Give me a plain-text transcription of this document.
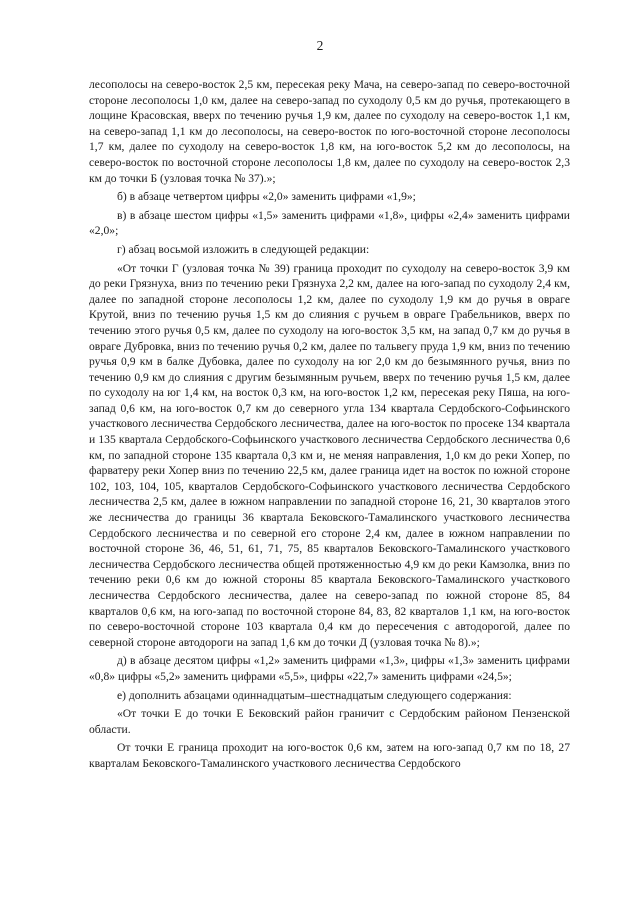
2

лесополосы на северо-восток 2,5 км, пересекая реку Мача, на северо-запад по северо-восточной стороне лесополосы 1,0 км, далее на северо-запад по суходолу 0,5 км до ручья, протекающего в лощине Красовская, вверх по течению ручья 1,9 км, далее по суходолу на северо-восток 1,1 км, на северо-запад 1,1 км до лесополосы, на северо-восток по юго-восточной стороне лесополосы 1,7 км, далее по суходолу на северо-восток 1,8 км, на юго-восток 5,2 км до лесополосы, на северо-восток по восточной стороне лесополосы 1,8 км, далее по суходолу на северо-восток 2,3 км до точки Б (узловая точка № 37).»;

б) в абзаце четвертом цифры «2,0» заменить цифрами «1,9»;

в) в абзаце шестом цифры «1,5» заменить цифрами «1,8», цифры «2,4» заменить цифрами «2,0»;

г) абзац восьмой изложить в следующей редакции:

«От точки Г (узловая точка № 39) граница проходит по суходолу на северо-восток 3,9 км до реки Грязнуха, вниз по течению реки Грязнуха 2,2 км, далее на юго-запад по суходолу 2,4 км, далее по западной стороне лесополосы 1,2 км, далее по суходолу 1,9 км до ручья в овраге Крутой, вниз по течению ручья 1,5 км до слияния с ручьем в овраге Грабельников, вверх по течению этого ручья 0,5 км, далее по суходолу на юго-восток 3,5 км, на запад 0,7 км до ручья в овраге Дубровка, вниз по течению ручья 0,2 км, далее по тальвегу пруда 1,9 км, вниз по течению ручья 0,9 км в балке Дубовка, далее по суходолу на юг 2,0 км до безымянного ручья, вниз по течению 0,9 км до слияния с другим безымянным ручьем, вверх по течению ручья 1,5 км, далее по суходолу на юг 1,4 км, на восток 0,3 км, на юго-восток 1,2 км, пересекая реку Пяша, на юго-запад 0,6 км, на юго-восток 0,7 км до северного угла 134 квартала Сердобского-Софьинского участкового лесничества Сердобского лесничества, далее на юго-восток по просеке 134 квартала и 135 квартала Сердобского-Софьинского участкового лесничества Сердобского лесничества 0,6 км, по западной стороне 135 квартала 0,3 км и, не меняя направления, 1,0 км до реки Хопер, по фарватеру реки Хопер вниз по течению 22,5 км, далее граница идет на восток по южной стороне 102, 103, 104, 105, кварталов Сердобского-Софьинского участкового лесничества Сердобского лесничества 2,5 км, далее в южном направлении по западной стороне 16, 21, 30 кварталов этого же лесничества до границы 36 квартала Бековского-Тамалинского участкового лесничества Сердобского лесничества и по северной его стороне 2,4 км, далее в южном направлении по восточной стороне 36, 46, 51, 61, 71, 75, 85 кварталов Бековского-Тамалинского участкового лесничества Сердобского лесничества общей протяженностью 4,9 км до реки Камзолка, вниз по течению реки 0,6 км до южной стороны 85 квартала Бековского-Тамалинского участкового лесничества Сердобского лесничества, далее на северо-запад по южной стороне 85, 84 кварталов 0,6 км, на юго-запад по восточной стороне 84, 83, 82 кварталов 1,1 км, на юго-восток по северо-восточной стороне 103 квартала 0,4 км до пересечения с автодорогой, далее по северной стороне автодороги на запад 1,6 км до точки Д (узловая точка № 8).»;

д) в абзаце десятом цифры «1,2» заменить цифрами «1,3», цифры «1,3» заменить цифрами «0,8» цифры «5,2» заменить цифрами «5,5», цифры «22,7» заменить цифрами «24,5»;

е) дополнить абзацами одиннадцатым–шестнадцатым следующего содержания:

«От точки Е до точки Е Бековский район граничит с Сердобским районом Пензенской области.

От точки Е граница проходит на юго-восток 0,6 км, затем на юго-запад 0,7 км по 18, 27 кварталам Бековского-Тамалинского участкового лесничества Сердобского
